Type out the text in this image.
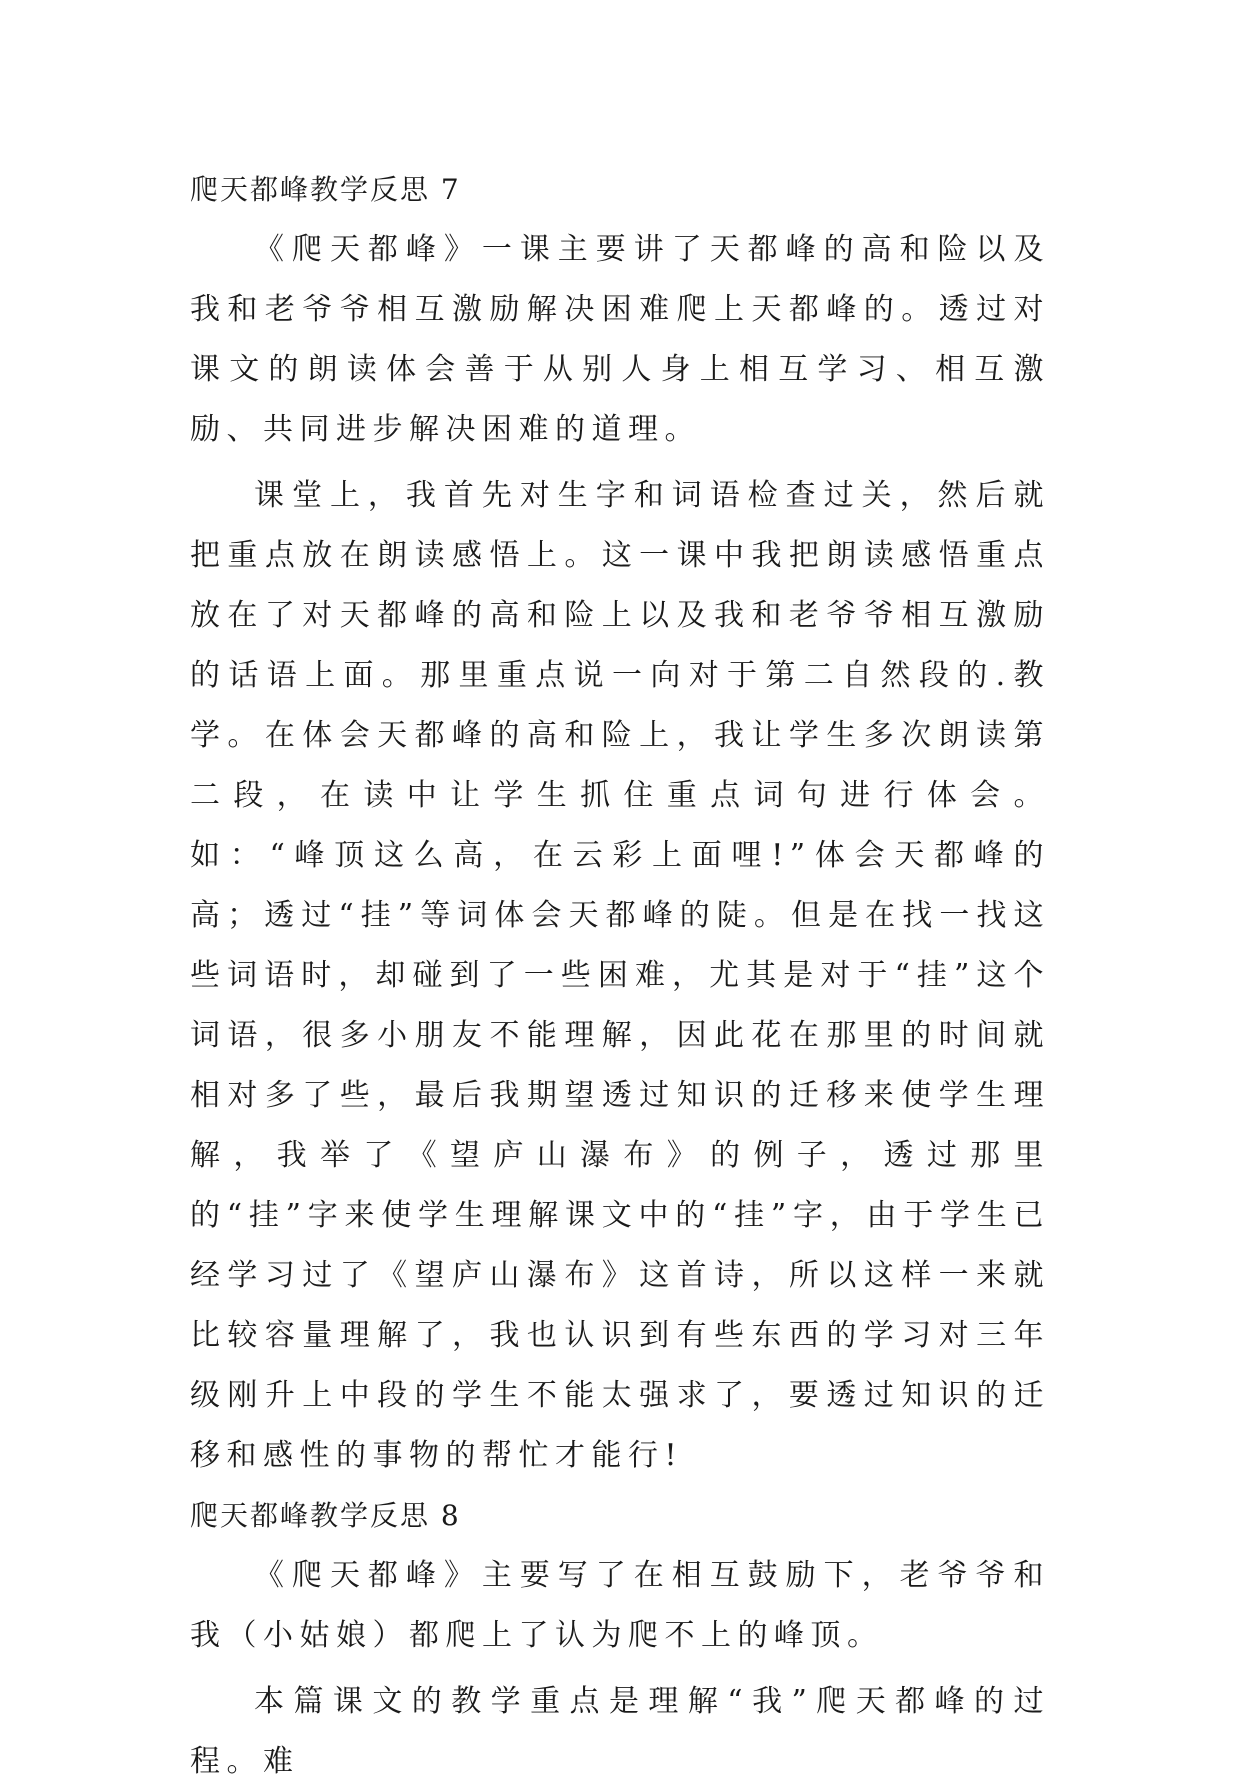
爬天都峰教学反思 7

《爬天都峰》一课主要讲了天都峰的高和险以及我和老爷爷相互激励解决困难爬上天都峰的。透过对课文的朗读体会善于从别人身上相互学习、相互激励、共同进步解决困难的道理。

课堂上，我首先对生字和词语检查过关，然后就把重点放在朗读感悟上。这一课中我把朗读感悟重点放在了对天都峰的高和险上以及我和老爷爷相互激励的话语上面。那里重点说一向对于第二自然段的.教学。在体会天都峰的高和险上，我让学生多次朗读第二段，在读中让学生抓住重点词句进行体会。如：“峰顶这么高，在云彩上面哩!”体会天都峰的高；透过“挂”等词体会天都峰的陡。但是在找一找这些词语时，却碰到了一些困难，尤其是对于“挂”这个词语，很多小朋友不能理解，因此花在那里的时间就相对多了些，最后我期望透过知识的迁移来使学生理解，我举了《望庐山瀑布》的例子，透过那里的“挂”字来使学生理解课文中的“挂”字，由于学生已经学习过了《望庐山瀑布》这首诗，所以这样一来就比较容量理解了，我也认识到有些东西的学习对三年级刚升上中段的学生不能太强求了，要透过知识的迁移和感性的事物的帮忙才能行!

爬天都峰教学反思 8

《爬天都峰》主要写了在相互鼓励下，老爷爷和我（小姑娘）都爬上了认为爬不上的峰顶。

本篇课文的教学重点是理解“我”爬天都峰的过程。难
